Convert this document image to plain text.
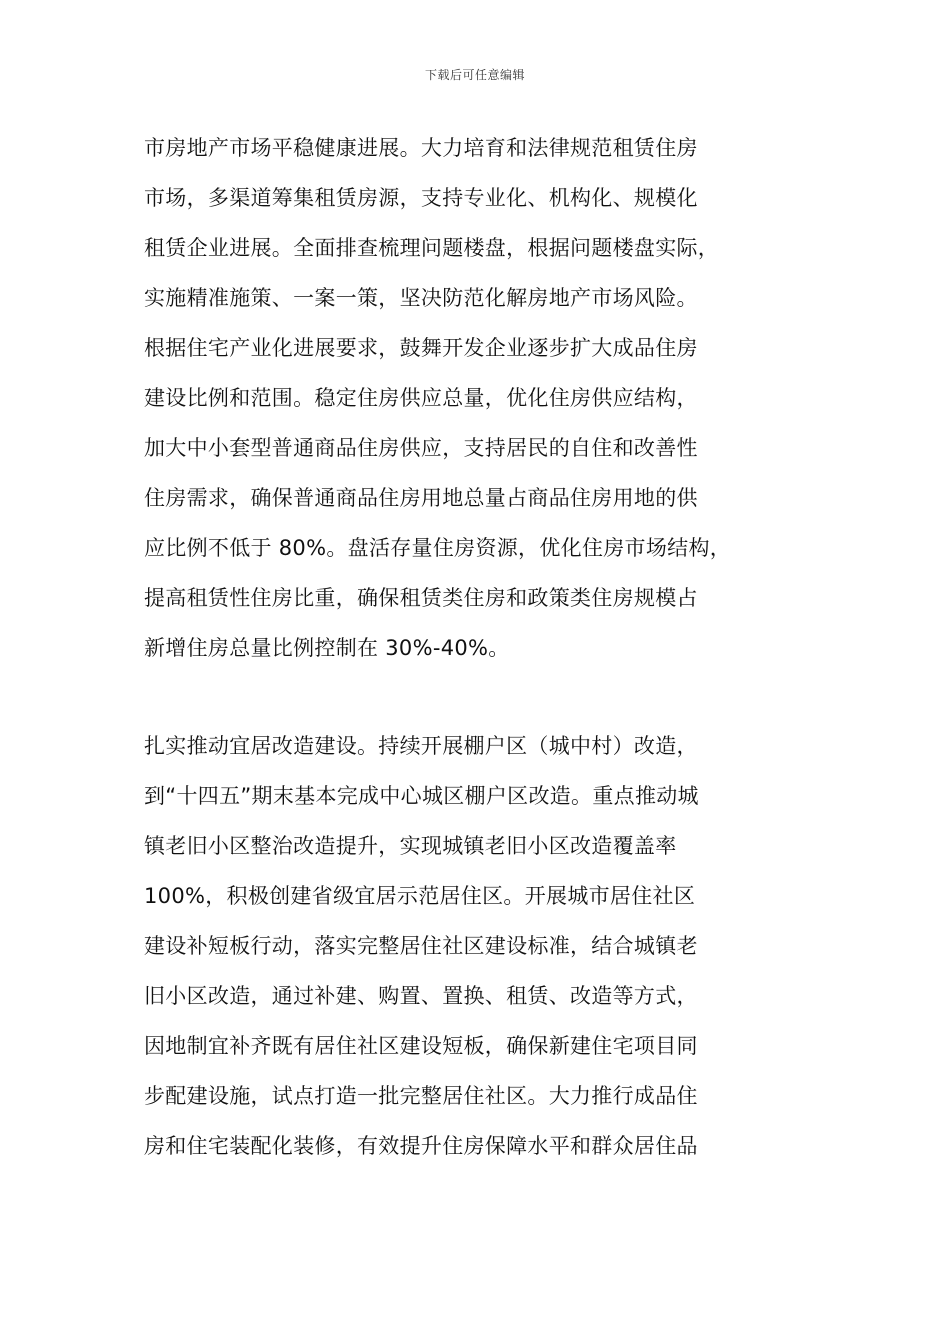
下载后可任意编辑
市房地产市场平稳健康进展。大力培育和法律规范租赁住房
市场，多渠道筹集租赁房源，支持专业化、机构化、规模化
租赁企业进展。全面排查梳理问题楼盘，根据问题楼盘实际，
实施精准施策、一案一策，坚决防范化解房地产市场风险。
根据住宅产业化进展要求，鼓舞开发企业逐步扩大成品住房
建设比例和范围。稳定住房供应总量，优化住房供应结构，
加大中小套型普通商品住房供应，支持居民的自住和改善性
住房需求，确保普通商品住房用地总量占商品住房用地的供
应比例不低于 80%。盘活存量住房资源，优化住房市场结构，
提高租赁性住房比重，确保租赁类住房和政策类住房规模占
新增住房总量比例控制在 30%-40%。
扎实推动宜居改造建设。持续开展棚户区（城中村）改造，
到“十四五”期末基本完成中心城区棚户区改造。重点推动城
镇老旧小区整治改造提升，实现城镇老旧小区改造覆盖率
100%，积极创建省级宜居示范居住区。开展城市居住社区
建设补短板行动，落实完整居住社区建设标准，结合城镇老
旧小区改造，通过补建、购置、置换、租赁、改造等方式，
因地制宜补齐既有居住社区建设短板，确保新建住宅项目同
步配建设施，试点打造一批完整居住社区。大力推行成品住
房和住宅装配化装修，有效提升住房保障水平和群众居住品
